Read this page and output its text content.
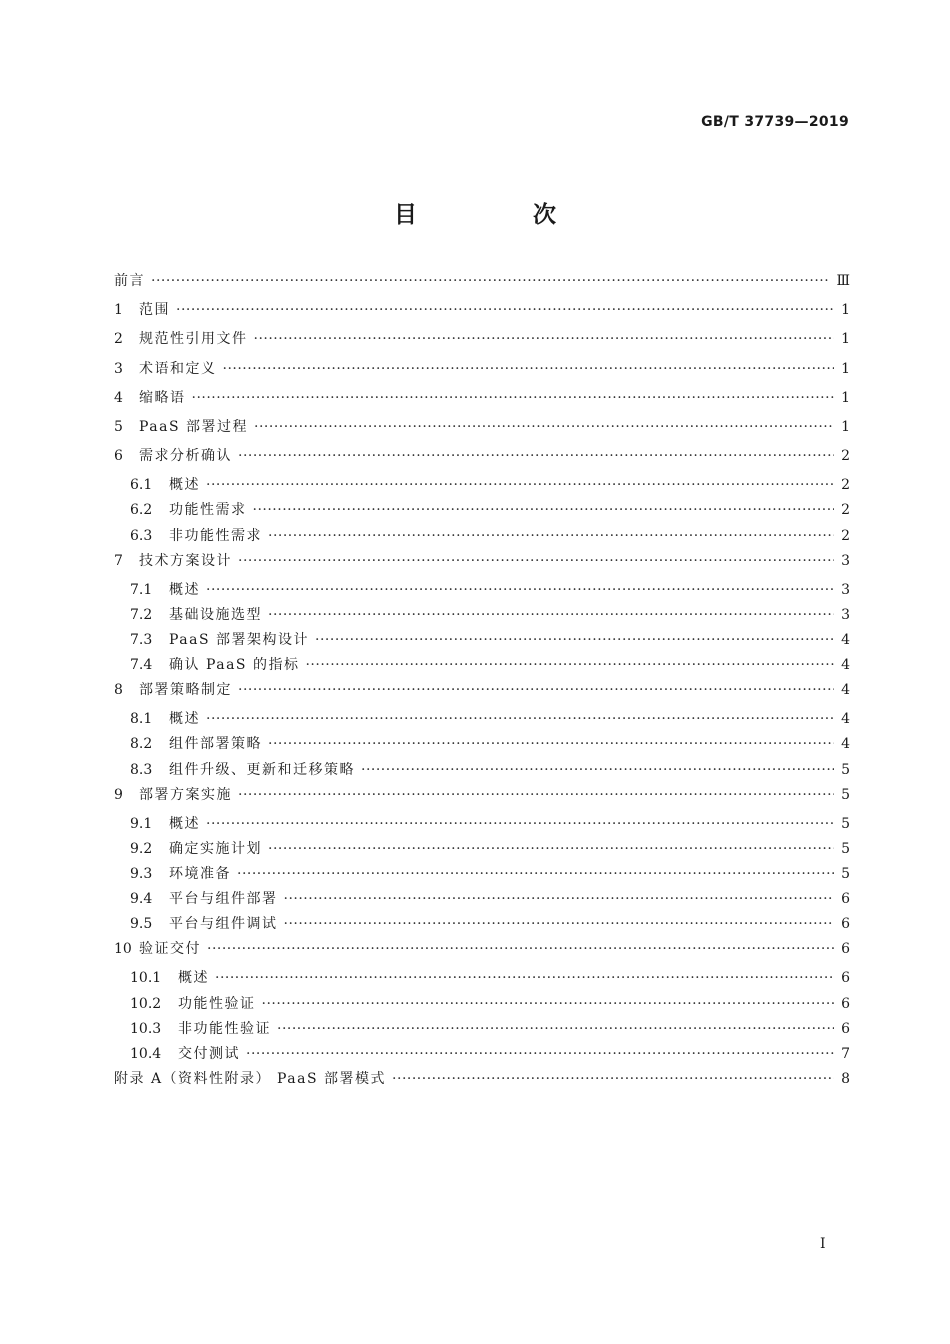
GB/T 37739—2019
目 次
前言 ·····	Ⅲ
1	范围 ·····	1
2	规范性引用文件 ·····	1
3	术语和定义 ·····	1
4	缩略语 ·····	1
5	PaaS 部署过程 ·····	1
6	需求分析确认 ·····	2
6.1	概述 ·····	2
6.2	功能性需求 ·····	2
6.3	非功能性需求 ·····	2
7	技术方案设计 ·····	3
7.1	概述 ·····	3
7.2	基础设施选型 ·····	3
7.3	PaaS 部署架构设计 ·····	4
7.4	确认 PaaS 的指标 ·····	4
8	部署策略制定 ·····	4
8.1	概述 ·····	4
8.2	组件部署策略 ·····	4
8.3	组件升级、更新和迁移策略 ·····	5
9	部署方案实施 ·····	5
9.1	概述 ·····	5
9.2	确定实施计划 ·····	5
9.3	环境准备 ·····	5
9.4	平台与组件部署 ·····	6
9.5	平台与组件调试 ·····	6
10 验证交付 ·····	6
10.1	概述 ·····	6
10.2	功能性验证 ·····	6
10.3	非功能性验证 ·····	6
10.4	交付测试 ·····	7
附录 A（资料性附录） PaaS 部署模式 ·····	8
Ⅰ
